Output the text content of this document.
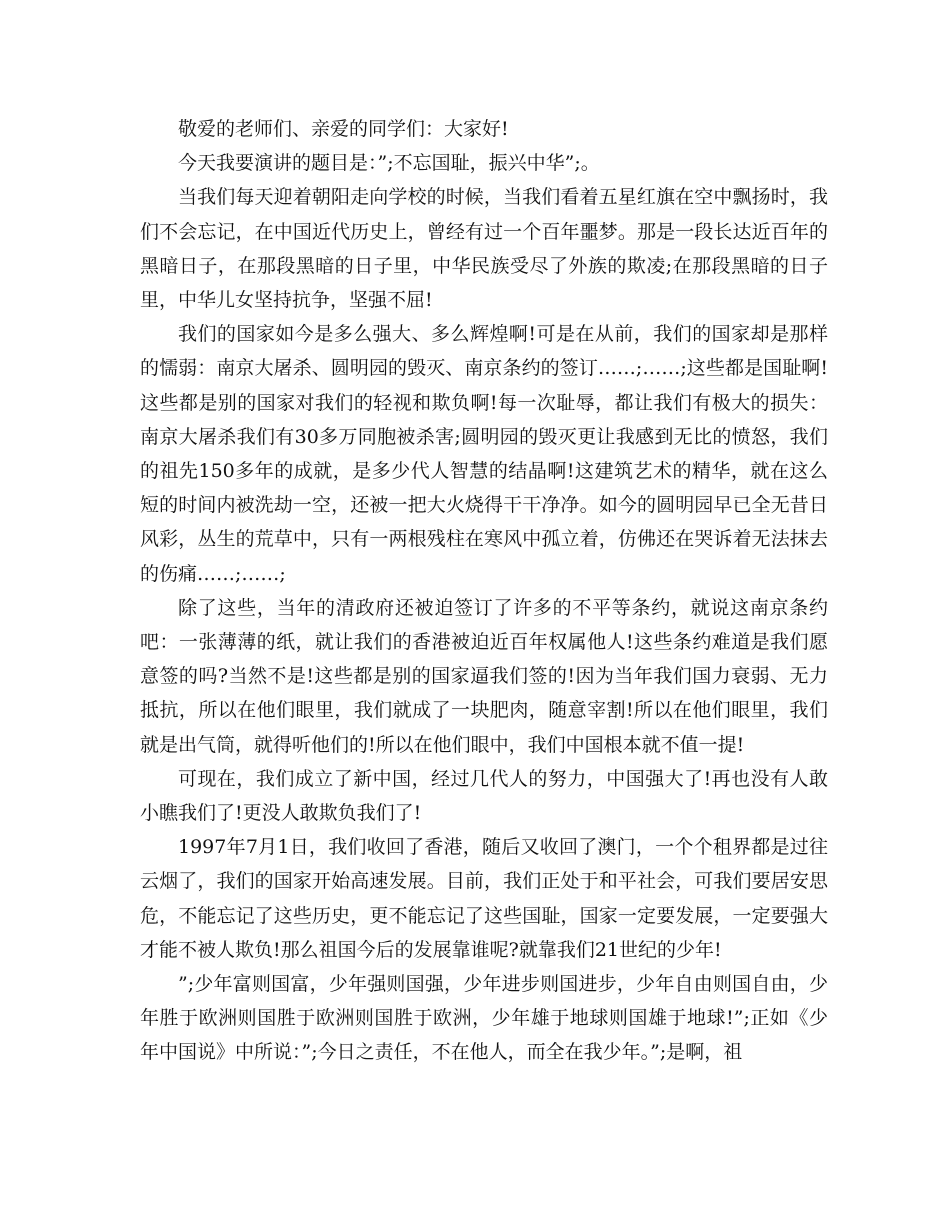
敬爱的老师们、亲爱的同学们：大家好!

今天我要演讲的题目是：”;不忘国耻，振兴中华”;。

当我们每天迎着朝阳走向学校的时候，当我们看着五星红旗在空中飘扬时，我们不会忘记，在中国近代历史上，曾经有过一个百年噩梦。那是一段长达近百年的黑暗日子，在那段黑暗的日子里，中华民族受尽了外族的欺凌;在那段黑暗的日子里，中华儿女坚持抗争，坚强不屈!

我们的国家如今是多么强大、多么辉煌啊!可是在从前，我们的国家却是那样的懦弱：南京大屠杀、圆明园的毁灭、南京条约的签订……;……;这些都是国耻啊!这些都是别的国家对我们的轻视和欺负啊!每一次耻辱，都让我们有极大的损失：南京大屠杀我们有30多万同胞被杀害;圆明园的毁灭更让我感到无比的愤怒，我们的祖先150多年的成就，是多少代人智慧的结晶啊!这建筑艺术的精华，就在这么短的时间内被洗劫一空，还被一把大火烧得干干净净。如今的圆明园早已全无昔日风彩，丛生的荒草中，只有一两根残柱在寒风中孤立着，仿佛还在哭诉着无法抹去的伤痛……;……;

除了这些，当年的清政府还被迫签订了许多的不平等条约，就说这南京条约吧：一张薄薄的纸，就让我们的香港被迫近百年权属他人!这些条约难道是我们愿意签的吗?当然不是!这些都是别的国家逼我们签的!因为当年我们国力衰弱、无力抵抗，所以在他们眼里，我们就成了一块肥肉，随意宰割!所以在他们眼里，我们就是出气筒，就得听他们的!所以在他们眼中，我们中国根本就不值一提!

可现在，我们成立了新中国，经过几代人的努力，中国强大了!再也没有人敢小瞧我们了!更没人敢欺负我们了!

1997年7月1日，我们收回了香港，随后又收回了澳门，一个个租界都是过往云烟了，我们的国家开始高速发展。目前，我们正处于和平社会，可我们要居安思危，不能忘记了这些历史，更不能忘记了这些国耻，国家一定要发展，一定要强大才能不被人欺负!那么祖国今后的发展靠谁呢?就靠我们21世纪的少年!

”;少年富则国富，少年强则国强，少年进步则国进步，少年自由则国自由，少年胜于欧洲则国胜于欧洲则国胜于欧洲，少年雄于地球则国雄于地球!”;正如《少年中国说》中所说：”;今日之责任，不在他人，而全在我少年。”;是啊，祖
